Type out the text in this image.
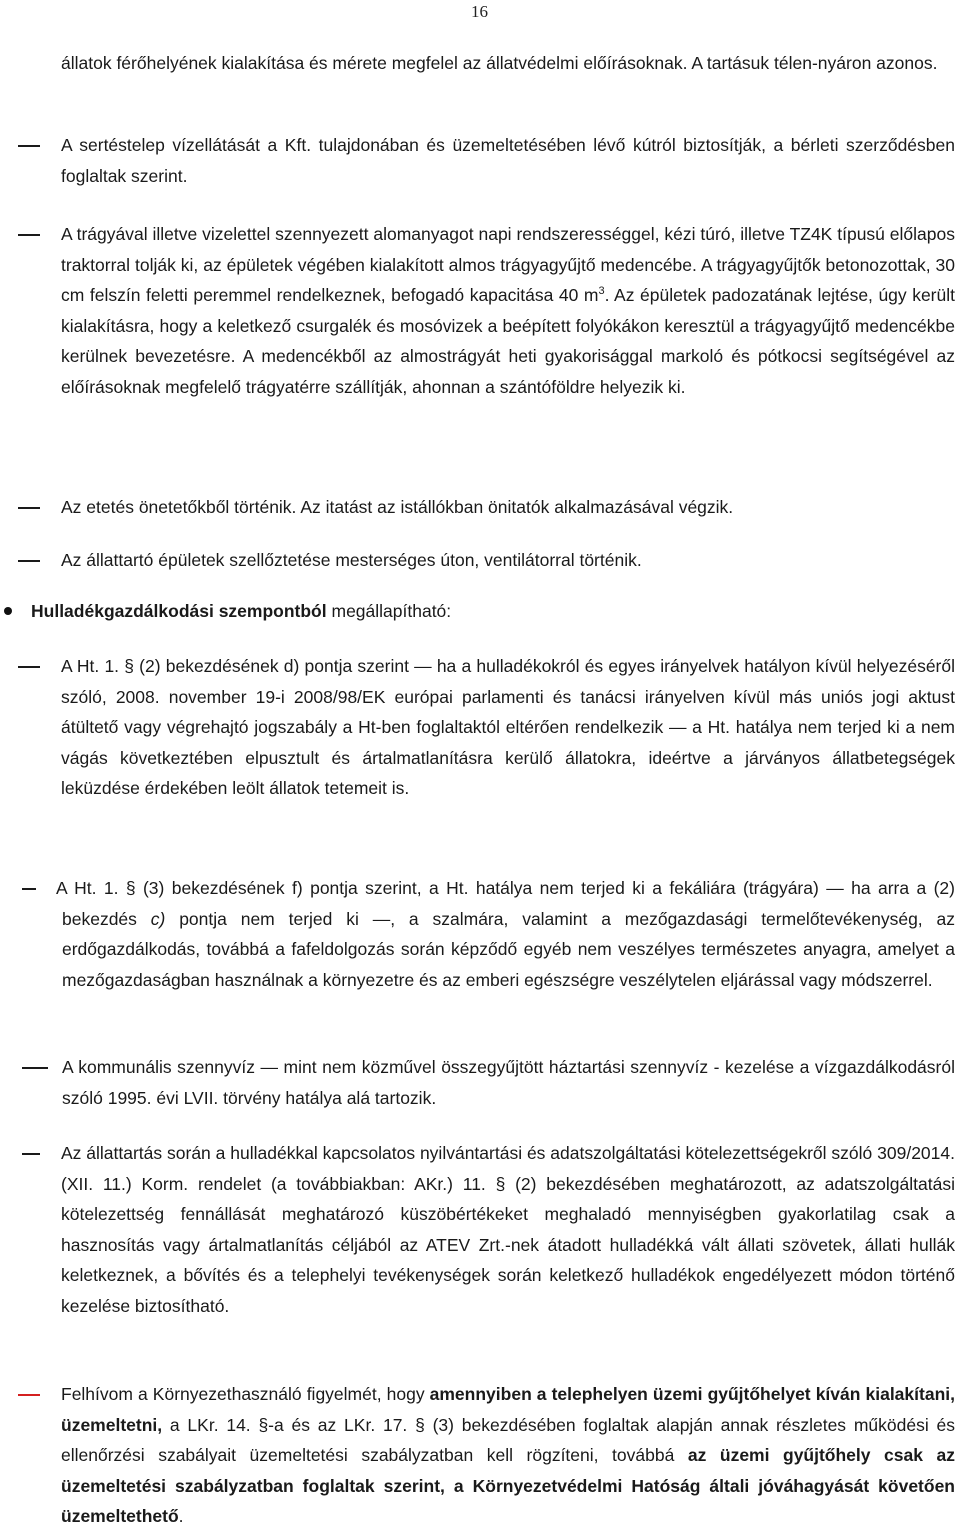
16
állatok férőhelyének kialakítása és mérete megfelel az állatvédelmi előírásoknak. A tartásuk télen-nyáron azonos.
A sertéstelep vízellátását a Kft. tulajdonában és üzemeltetésében lévő kútról biztosítják, a bérleti szerződésben foglaltak szerint.
A trágyával illetve vizelettel szennyezett alomanyagot napi rendszerességgel, kézi túró, illetve TZ4K típusú előlapos traktorral tolják ki, az épületek végében kialakított almos trágyagyűjtő medencébe. A trágyagyűjtők betonozottak, 30 cm felszín feletti peremmel rendelkeznek, befogadó kapacitása 40 $m^3$. Az épületek padozatának lejtése, úgy került kialakításra, hogy a keletkező csurgalék és mosóvizek a beépített folyókákon keresztül a trágyagyűjtő medencékbe kerülnek bevezetésre. A medencékből az almostrágyát heti gyakorisággal markoló és pótkocsi segítségével az előírásoknak megfelelő trágyatérre szállítják, ahonnan a szántóföldre helyezik ki.
Az etetés önetetőkből történik. Az itatást az istállókban önitatók alkalmazásával végzik.
Az állattartó épületek szellőztetése mesterséges úton, ventilátorral történik.
Hulladékgazdálkodási szempontból megállapítható:
A Ht. 1. § (2) bekezdésének d) pontja szerint — ha a hulladékokról és egyes irányelvek hatályon kívül helyezéséről szóló, 2008. november 19-i 2008/98/EK európai parlamenti és tanácsi irányelven kívül más uniós jogi aktust átültető vagy végrehajtó jogszabály a Ht-ben foglaltaktól eltérően rendelkezik — a Ht. hatálya nem terjed ki a nem vágás következtében elpusztult és ártalmatlanításra kerülő állatokra, ideértve a járványos állatbetegségek leküzdése érdekében leölt állatok tetemeit is.
A Ht. 1. § (3) bekezdésének f) pontja szerint, a Ht. hatálya nem terjed ki a fekáliára (trágyára) — ha arra a (2) bekezdés c) pontja nem terjed ki —, a szalmára, valamint a mezőgazdasági termelőtevékenység, az erdőgazdálkodás, továbbá a fafeldolgozás során képződő egyéb nem veszélyes természetes anyagra, amelyet a mezőgazdaságban használnak a környezetre és az emberi egészségre veszélytelen eljárással vagy módszerrel.
A kommunális szennyvíz — mint nem közművel összegyűjtött háztartási szennyvíz - kezelése a vízgazdálkodásról szóló 1995. évi LVII. törvény hatálya alá tartozik.
Az állattartás során a hulladékkal kapcsolatos nyilvántartási és adatszolgáltatási kötelezettségekről szóló 309/2014. (XII. 11.) Korm. rendelet (a továbbiakban: AKr.) 11. § (2) bekezdésében meghatározott, az adatszolgáltatási kötelezettség fennállását meghatározó küszöbértékeket meghaladó mennyiségben gyakorlatilag csak a hasznosítás vagy ártalmatlanítás céljából az ATEV Zrt.-nek átadott hulladékká vált állati szövetek, állati hullák keletkeznek, a bővítés és a telephelyi tevékenységek során keletkező hulladékok engedélyezett módon történő kezelése biztosítható.
Felhívom a Környezethasználó figyelmét, hogy amennyiben a telephelyen üzemi gyűjtőhelyet kíván kialakítani, üzemeltetni, a LKr. 14. §-a és az LKr. 17. § (3) bekezdésében foglaltak alapján annak részletes működési és ellenőrzési szabályait üzemeltetési szabályzatban kell rögzíteni, továbbá az üzemi gyűjtőhely csak az üzemeltetési szabályzatban foglaltak szerint, a Környezetvédelmi Hatóság általi jóváhagyását követően üzemeltethető.
